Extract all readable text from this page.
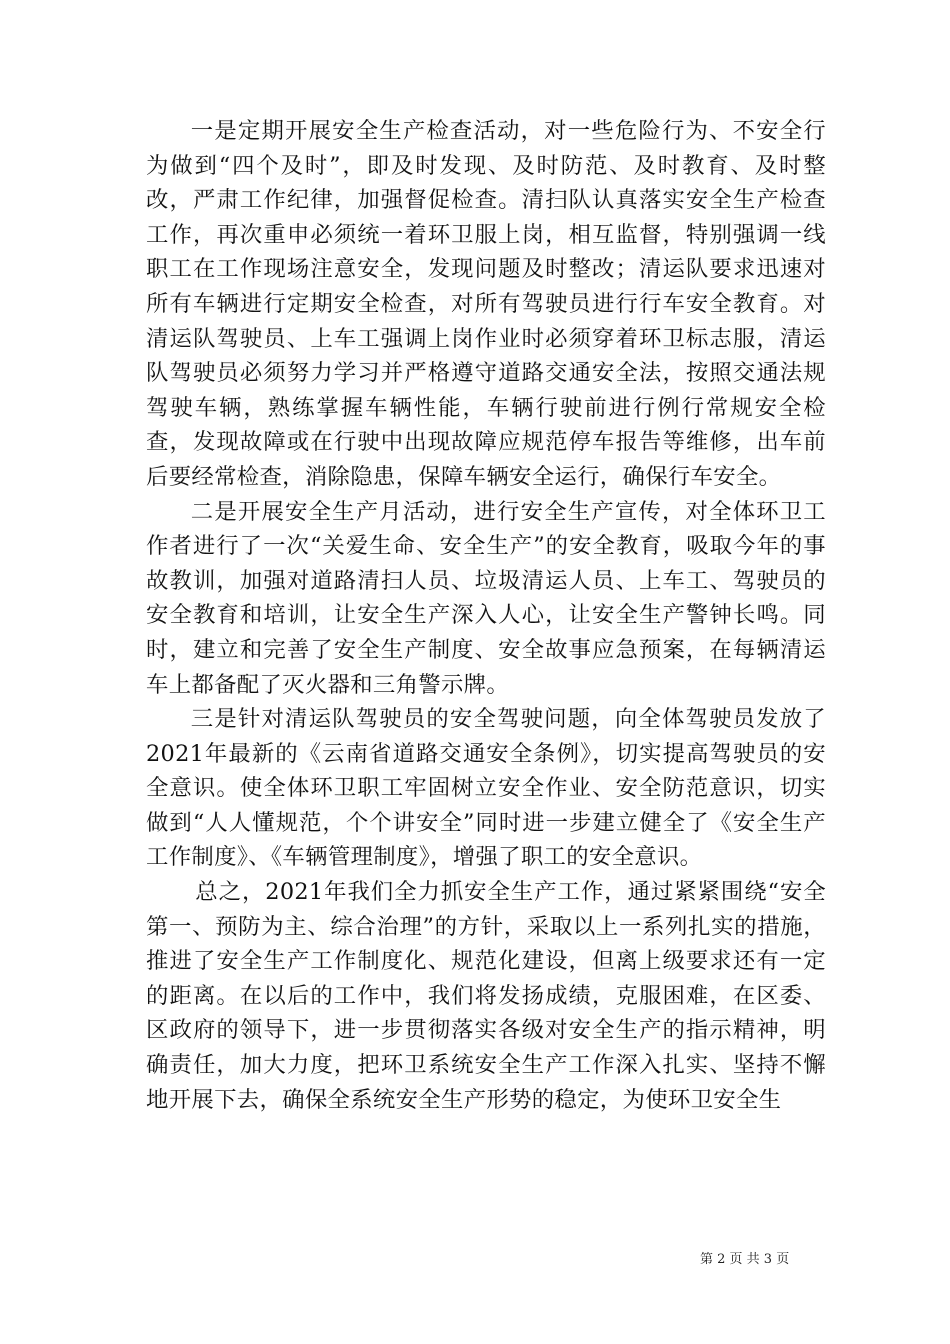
一是定期开展安全生产检查活动，对一些危险行为、不安全行为做到“四个及时”，即及时发现、及时防范、及时教育、及时整改，严肃工作纪律，加强督促检查。清扫队认真落实安全生产检查工作，再次重申必须统一着环卫服上岗，相互监督，特别强调一线职工在工作现场注意安全，发现问题及时整改；清运队要求迅速对所有车辆进行定期安全检查，对所有驾驶员进行行车安全教育。对清运队驾驶员、上车工强调上岗作业时必须穿着环卫标志服，清运队驾驶员必须努力学习并严格遵守道路交通安全法，按照交通法规驾驶车辆，熟练掌握车辆性能，车辆行驶前进行例行常规安全检查，发现故障或在行驶中出现故障应规范停车报告等维修，出车前后要经常检查，消除隐患，保障车辆安全运行，确保行车安全。

二是开展安全生产月活动，进行安全生产宣传，对全体环卫工作者进行了一次“关爱生命、安全生产”的安全教育，吸取今年的事故教训，加强对道路清扫人员、垃圾清运人员、上车工、驾驶员的安全教育和培训，让安全生产深入人心，让安全生产警钟长鸣。同时，建立和完善了安全生产制度、安全故事应急预案，在每辆清运车上都备配了灭火器和三角警示牌。

三是针对清运队驾驶员的安全驾驶问题，向全体驾驶员发放了2021年最新的《云南省道路交通安全条例》，切实提高驾驶员的安全意识。使全体环卫职工牢固树立安全作业、安全防范意识，切实做到“人人懂规范，个个讲安全”同时进一步建立健全了《安全生产工作制度》、《车辆管理制度》，增强了职工的安全意识。

总之，2021年我们全力抓安全生产工作，通过紧紧围绕“安全第一、预防为主、综合治理”的方针，采取以上一系列扎实的措施，推进了安全生产工作制度化、规范化建设，但离上级要求还有一定的距离。在以后的工作中，我们将发扬成绩，克服困难，在区委、区政府的领导下，进一步贯彻落实各级对安全生产的指示精神，明确责任，加大力度，把环卫系统安全生产工作深入扎实、坚持不懈地开展下去，确保全系统安全生产形势的稳定，为使环卫安全生

第 2 页 共 3 页
